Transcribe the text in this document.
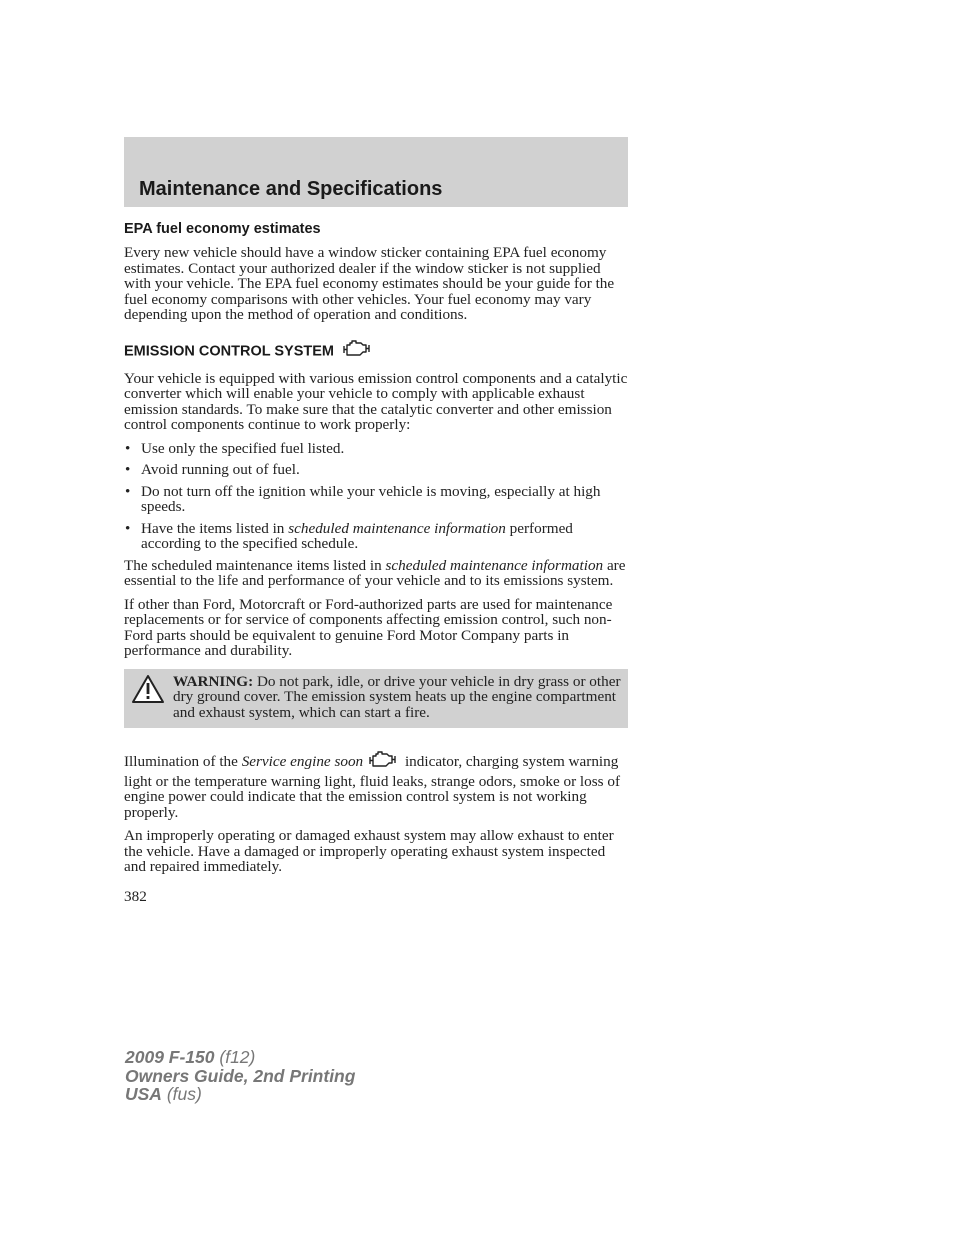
Maintenance and Specifications
EPA fuel economy estimates

Every new vehicle should have a window sticker containing EPA fuel economy estimates. Contact your authorized dealer if the window sticker is not supplied with your vehicle. The EPA fuel economy estimates should be your guide for the fuel economy comparisons with other vehicles. Your fuel economy may vary depending upon the method of operation and conditions.

EMISSION CONTROL SYSTEM

Your vehicle is equipped with various emission control components and a catalytic converter which will enable your vehicle to comply with applicable exhaust emission standards. To make sure that the catalytic converter and other emission control components continue to work properly:

• Use only the specified fuel listed.
• Avoid running out of fuel.
• Do not turn off the ignition while your vehicle is moving, especially at high speeds.
• Have the items listed in scheduled maintenance information performed according to the specified schedule.

The scheduled maintenance items listed in scheduled maintenance information are essential to the life and performance of your vehicle and to its emissions system.

If other than Ford, Motorcraft or Ford-authorized parts are used for maintenance replacements or for service of components affecting emission control, such non-Ford parts should be equivalent to genuine Ford Motor Company parts in performance and durability.

WARNING: Do not park, idle, or drive your vehicle in dry grass or other dry ground cover. The emission system heats up the engine compartment and exhaust system, which can start a fire.

Illumination of the Service engine soon	indicator, charging system warning light or the temperature warning light, fluid leaks, strange odors, smoke or loss of engine power could indicate that the emission control system is not working properly.

An improperly operating or damaged exhaust system may allow exhaust to enter the vehicle. Have a damaged or improperly operating exhaust system inspected and repaired immediately.

382
2009 F-150 (f12)
Owners Guide, 2nd Printing
USA (fus)
